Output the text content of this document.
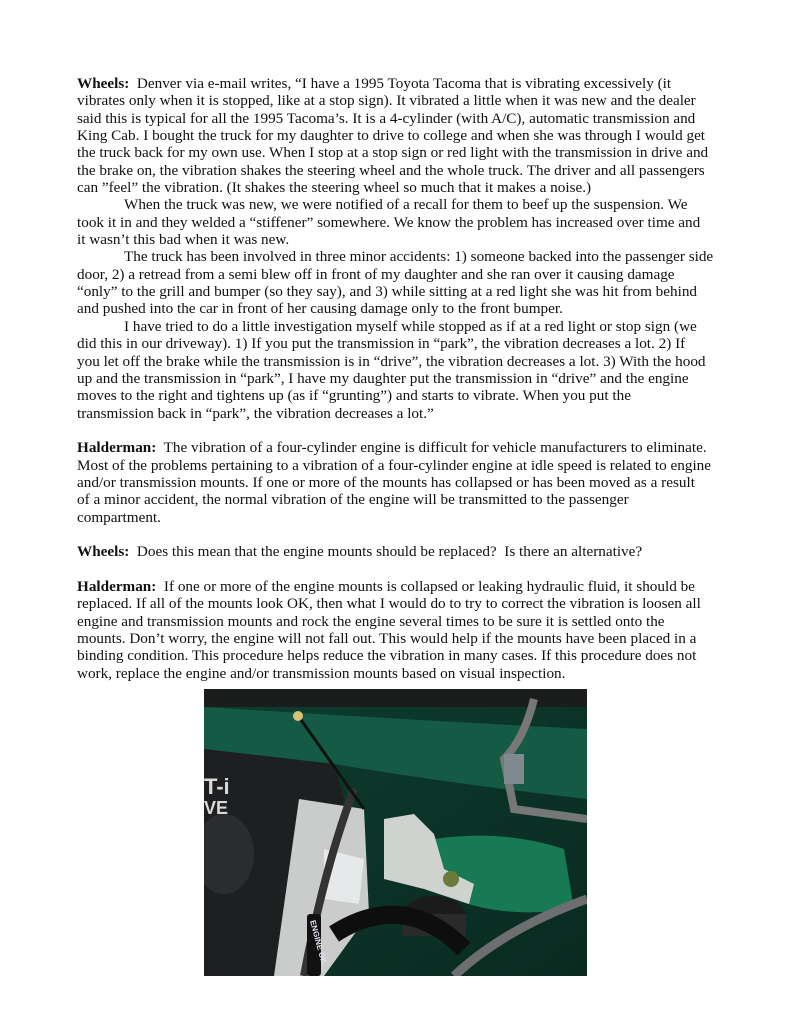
Wheels: Denver via e-mail writes, “I have a 1995 Toyota Tacoma that is vibrating excessively (it
vibrates only when it is stopped, like at a stop sign). It vibrated a little when it was new and the dealer
said this is typical for all the 1995 Tacoma’s. It is a 4-cylinder (with A/C), automatic transmission and
King Cab. I bought the truck for my daughter to drive to college and when she was through I would get
the truck back for my own use. When I stop at a stop sign or red light with the transmission in drive and
the brake on, the vibration shakes the steering wheel and the whole truck. The driver and all passengers
can ”feel” the vibration. (It shakes the steering wheel so much that it makes a noise.)
When the truck was new, we were notified of a recall for them to beef up the suspension. We
took it in and they welded a “stiffener” somewhere. We know the problem has increased over time and
it wasn’t this bad when it was new.
The truck has been involved in three minor accidents: 1) someone backed into the passenger side
door, 2) a retread from a semi blew off in front of my daughter and she ran over it causing damage
“only” to the grill and bumper (so they say), and 3) while sitting at a red light she was hit from behind
and pushed into the car in front of her causing damage only to the front bumper.
I have tried to do a little investigation myself while stopped as if at a red light or stop sign (we
did this in our driveway). 1) If you put the transmission in “park”, the vibration decreases a lot. 2) If
you let off the brake while the transmission is in “drive”, the vibration decreases a lot. 3) With the hood
up and the transmission in “park”, I have my daughter put the transmission in “drive” and the engine
moves to the right and tightens up (as if “grunting”) and starts to vibrate. When you put the
transmission back in “park”, the vibration decreases a lot.”
Halderman: The vibration of a four-cylinder engine is difficult for vehicle manufacturers to eliminate.
Most of the problems pertaining to a vibration of a four-cylinder engine at idle speed is related to engine
and/or transmission mounts. If one or more of the mounts has collapsed or has been moved as a result
of a minor accident, the normal vibration of the engine will be transmitted to the passenger
compartment.
Wheels: Does this mean that the engine mounts should be replaced?  Is there an alternative?
Halderman: If one or more of the engine mounts is collapsed or leaking hydraulic fluid, it should be
replaced. If all of the mounts look OK, then what I would do to try to correct the vibration is loosen all
engine and transmission mounts and rock the engine several times to be sure it is settled onto the
mounts. Don’t worry, the engine will not fall out. This would help if the mounts have been placed in a
binding condition. This procedure helps reduce the vibration in many cases. If this procedure does not
work, replace the engine and/or transmission mounts based on visual inspection.
T-i
VE
ENGINE OIL
